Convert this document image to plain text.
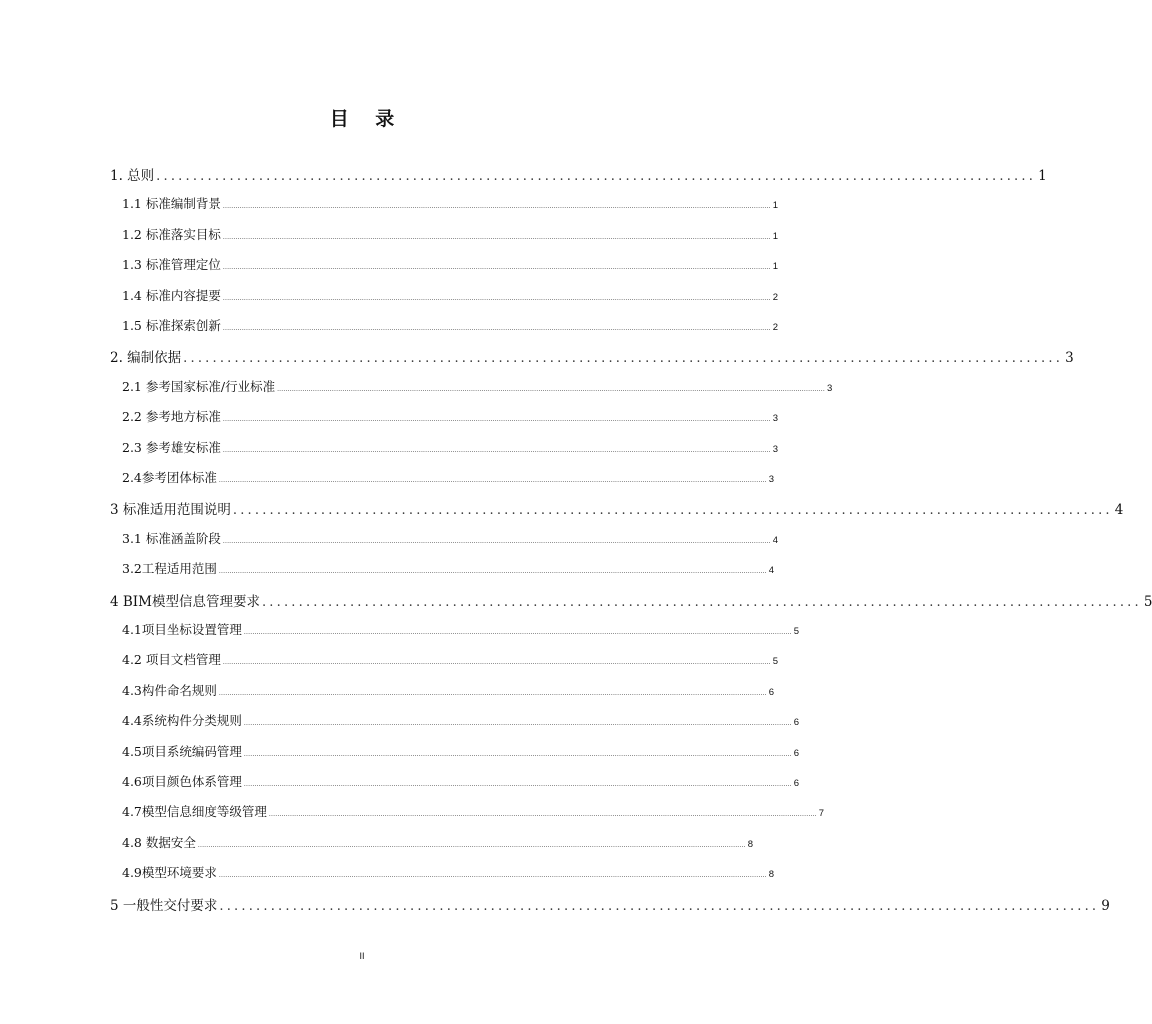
目 录
1. 总则 ........................................................................................................................ 1
1.1 标准编制背景 .................................................................................................................................................................................................................................................................... 1
1.2 标准落实目标 .................................................................................................................................................................................................................................................................... 1
1.3 标准管理定位 .................................................................................................................................................................................................................................................................... 1
1.4 标准内容提要 .................................................................................................................................................................................................................................................................... 2
1.5 标准探索创新 .................................................................................................................................................................................................................................................................... 2
2. 编制依据 ........................................................................................................................ 3
2.1 参考国家标准/行业标准 .................................................................................................................................................................................................................................................................... 3
2.2 参考地方标准 .................................................................................................................................................................................................................................................................... 3
2.3 参考雄安标准 .................................................................................................................................................................................................................................................................... 3
2.4参考团体标准 .................................................................................................................................................................................................................................................................... 3
3 标准适用范围说明 ........................................................................................................................ 4
3.1 标准涵盖阶段 .................................................................................................................................................................................................................................................................... 4
3.2工程适用范围 .................................................................................................................................................................................................................................................................... 4
4 BIM模型信息管理要求 ........................................................................................................................ 5
4.1项目坐标设置管理 .................................................................................................................................................................................................................................................................... 5
4.2 项目文档管理 .................................................................................................................................................................................................................................................................... 5
4.3构件命名规则 .................................................................................................................................................................................................................................................................... 6
4.4系统构件分类规则 .................................................................................................................................................................................................................................................................... 6
4.5项目系统编码管理 .................................................................................................................................................................................................................................................................... 6
4.6项目颜色体系管理 .................................................................................................................................................................................................................................................................... 6
4.7模型信息细度等级管理 .................................................................................................................................................................................................................................................................... 7
4.8 数据安全 .................................................................................................................................................................................................................................................................... 8
4.9模型环境要求 .................................................................................................................................................................................................................................................................... 8
5 一般性交付要求 ........................................................................................................................ 9
II
